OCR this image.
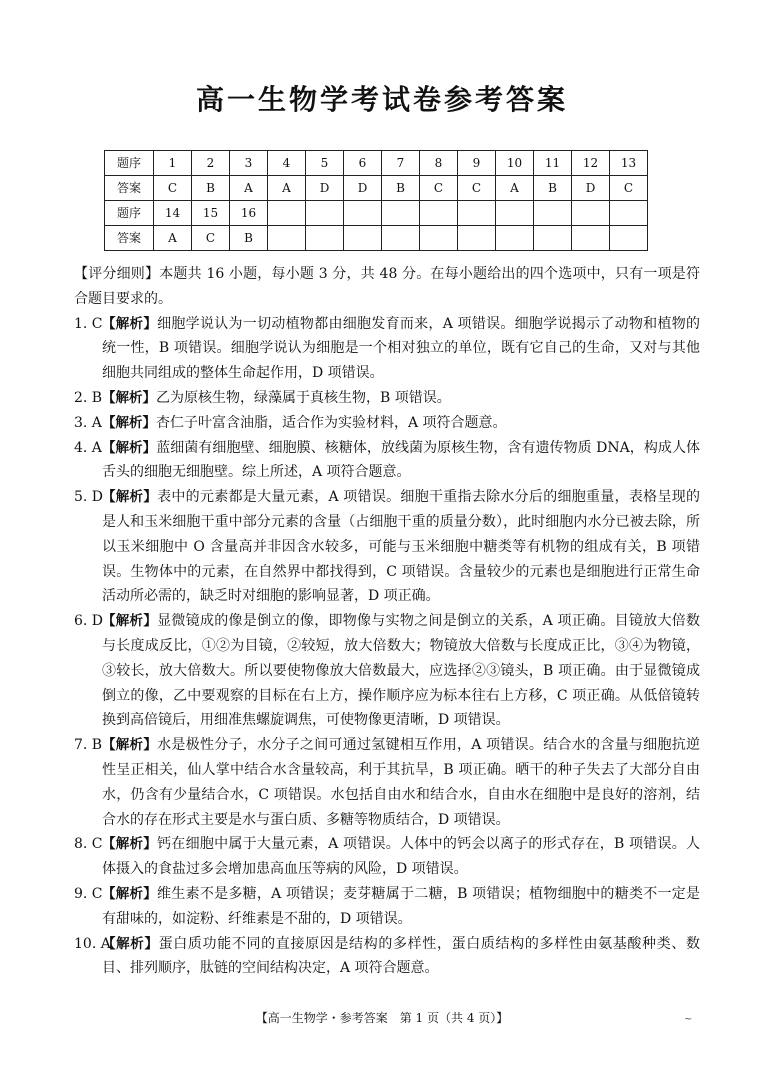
高一生物学考试卷参考答案
题序	1	2	3	4	5	6	7	8	9	10	11	12	13
答案	C	B	A	A	D	D	B	C	C	A	B	D	C
题序	14	15	16										
答案	A	C	B										

【评分细则】本题共 16 小题，每小题 3 分，共 48 分。在每小题给出的四个选项中，只有一项是符合题目要求的。

1. C 【解析】细胞学说认为一切动植物都由细胞发育而来，A 项错误。细胞学说揭示了动物和植物的统一性，B 项错误。细胞学说认为细胞是一个相对独立的单位，既有它自己的生命，又对与其他细胞共同组成的整体生命起作用，D 项错误。

2. B 【解析】乙为原核生物，绿藻属于真核生物，B 项错误。

3. A 【解析】杏仁子叶富含油脂，适合作为实验材料，A 项符合题意。

4. A 【解析】蓝细菌有细胞壁、细胞膜、核糖体，放线菌为原核生物，含有遗传物质 DNA，构成人体舌头的细胞无细胞壁。综上所述，A 项符合题意。

5. D
【解析】表中的元素都是大量元素，A 项错误。细胞干重指去除水分后的细胞重量，表格呈现的是人和玉米细胞干重中部分元素的含量（占细胞干重的质量分数），此时细胞内水分已被去除，所以玉米细胞中 O 含量高并非因含水较多，可能与玉米细胞中糖类等有机物的组成有关，B 项错误。生物体中的元素，在自然界中都找得到，C 项错误。含量较少的元素也是细胞进行正常生命活动所必需的，缺乏时对细胞的影响显著，D 项正确。

6. D
【解析】显微镜成的像是倒立的像，即物像与实物之间是倒立的关系，A 项正确。目镜放大倍数与长度成反比，①②为目镜，②较短，放大倍数大；物镜放大倍数与长度成正比，③④为物镜，③较长，放大倍数大。所以要使物像放大倍数最大，应选择②③镜头，B 项正确。由于显微镜成倒立的像，乙中要观察的目标在右上方，操作顺序应为标本往右上方移，C 项正确。从低倍镜转换到高倍镜后，用细准焦螺旋调焦，可使物像更清晰，D 项错误。

7. B 【解析】水是极性分子，水分子之间可通过氢键相互作用，A 项错误。结合水的含量与细胞抗逆性呈正相关，仙人掌中结合水含量较高，利于其抗旱，B 项正确。晒干的种子失去了大部分自由水，仍含有少量结合水，C 项错误。水包括自由水和结合水，自由水在细胞中是良好的溶剂，结合水的存在形式主要是水与蛋白质、多糖等物质结合，D 项错误。

8. C 【解析】钙在细胞中属于大量元素，A 项错误。人体中的钙会以离子的形式存在，B 项错误。人体摄入的食盐过多会增加患高血压等病的风险，D 项错误。

9. C 【解析】维生素不是多糖，A 项错误；麦芽糖属于二糖，B 项错误；植物细胞中的糖类不一定是有甜味的，如淀粉、纤维素是不甜的，D 项错误。

10. A
【解析】蛋白质功能不同的直接原因是结构的多样性，蛋白质结构的多样性由氨基酸种类、数目、排列顺序，肽链的空间结构决定，A 项符合题意。

【高一生物学・参考答案　第 1 页（共 4 页）】	~
